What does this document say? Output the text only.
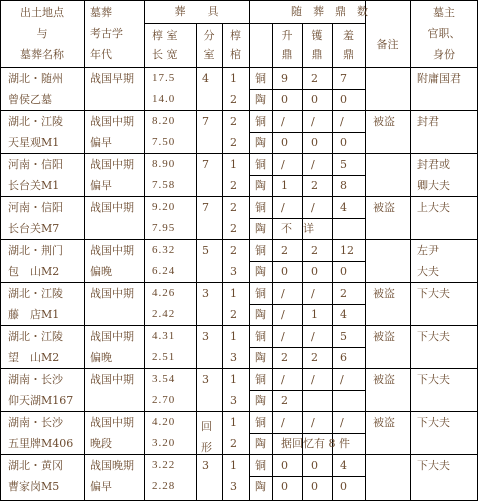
出土地点
与
墓葬名称
墓葬
考古学
年代
葬　　具
椁 室
长 宽
分
室
椁
棺
随　葬　鼎　数
升
鼎
镬
鼎
羞
鼎
备注
墓主
官职、
身份
湖北・随州
曾侯乙墓
战国早期 17.5
14.0
4 1
2
铜 9 2 7
陶 0 0 0
附庸国君
湖北・江陵
天星观M1
战国中期
偏早
8.20
7.50
7 2
2
铜 / / /
陶 0 0 0
被盗 封君
河南・信阳
长台关M1
战国中期
偏早
8.90
7.58
7 1
2
铜 / / 5
陶 1 2 8
封君或
卿大夫
河南・信阳
长台关M7
战国中期 9.20
7.95
7 2
2
铜 / / 4
陶 不　详
被盗 上大夫
湖北・荆门
包　山M2
战国中期
偏晚
6.32
6.24
5 2
3
铜 2 2 12
陶 0 0 0
左尹
大夫
湖北・江陵
藤　店M1
战国中期 4.26
2.42
3 1
2
铜 / / 2
陶 / 1 4
被盗 下大夫
湖北・江陵
望　山M2
战国中期
偏晚
4.31
2.51
3 1
3
铜 / / 5
陶 2 2 6
被盗 下大夫
湖南・长沙
仰天湖M167
战国中期 3.54
2.70
3 1
3
铜 / / /
陶 2
被盗 下大夫
湖南・长沙
五里牌M406
战国中期
晚段
4.20
3.20
回形
1
2
铜 / / /
陶 据回忆有 8 件
被盗 下大夫
湖北・黄冈
曹家岗M5
战国晚期
偏早
3.22
2.28
3 1
3
铜 0 0 4
陶 0 0 0
下大夫
